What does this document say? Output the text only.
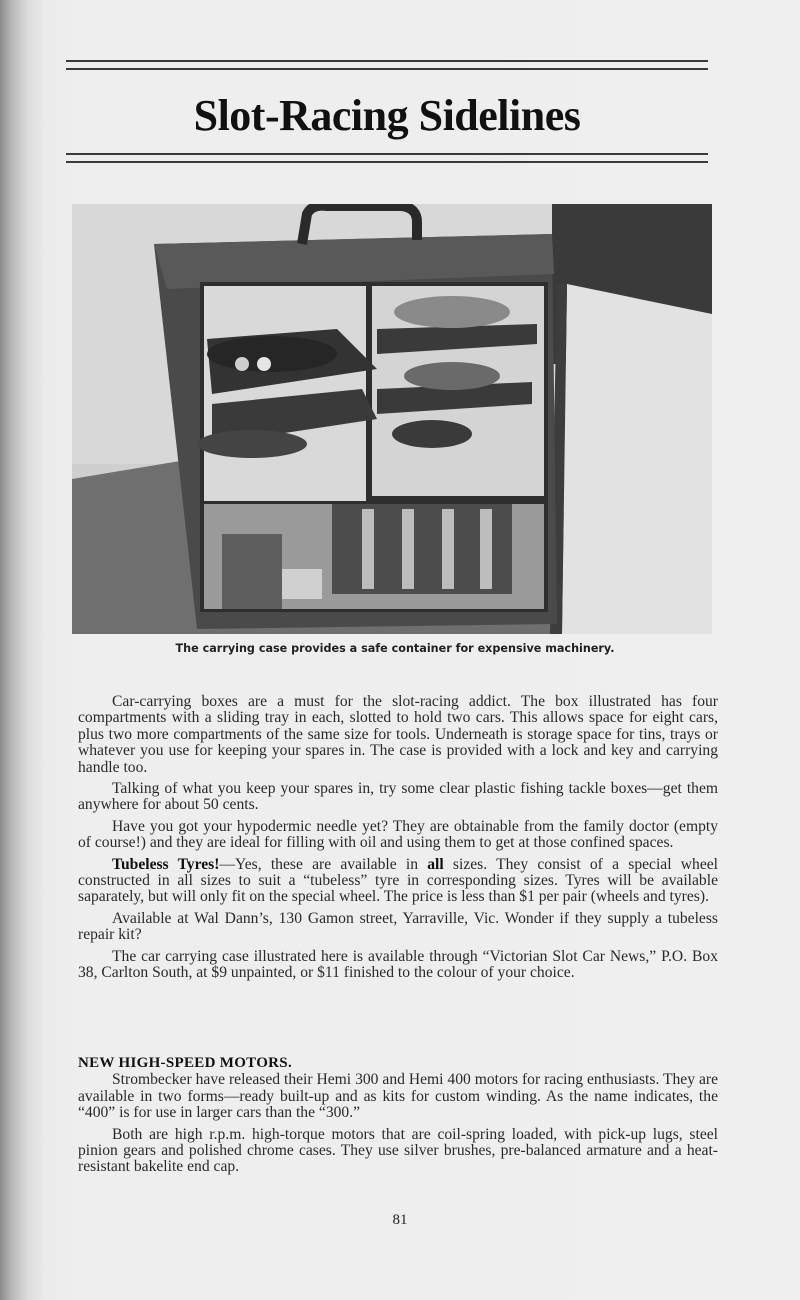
Slot-Racing Sidelines
The carrying case provides a safe container for expensive machinery.

Car-carrying boxes are a must for the slot-racing addict. The box illustrated has four compartments with a sliding tray in each, slotted to hold two cars. This allows space for eight cars, plus two more compartments of the same size for tools. Underneath is storage space for tins, trays or whatever you use for keeping your spares in. The case is provided with a lock and key and carrying handle too.

Talking of what you keep your spares in, try some clear plastic fishing tackle boxes—get them anywhere for about 50 cents.

Have you got your hypodermic needle yet? They are obtainable from the family doctor (empty of course!) and they are ideal for filling with oil and using them to get at those confined spaces.

Tubeless Tyres!—Yes, these are available in all sizes. They consist of a special wheel constructed in all sizes to suit a “tubeless” tyre in corresponding sizes. Tyres will be available saparately, but will only fit on the special wheel. The price is less than $1 per pair (wheels and tyres).

Available at Wal Dann’s, 130 Gamon street, Yarraville, Vic. Wonder if they supply a tubeless repair kit?

The car carrying case illustrated here is available through “Victorian Slot Car News,” P.O. Box 38, Carlton South, at $9 unpainted, or $11 finished to the colour of your choice.

NEW HIGH-SPEED MOTORS.

Strombecker have released their Hemi 300 and Hemi 400 motors for racing enthusiasts. They are available in two forms—ready built-up and as kits for custom winding. As the name indicates, the “400” is for use in larger cars than the “300.”

Both are high r.p.m. high-torque motors that are coil-spring loaded, with pick-up lugs, steel pinion gears and polished chrome cases. They use silver brushes, pre-balanced armature and a heat-resistant bakelite end cap.

81
